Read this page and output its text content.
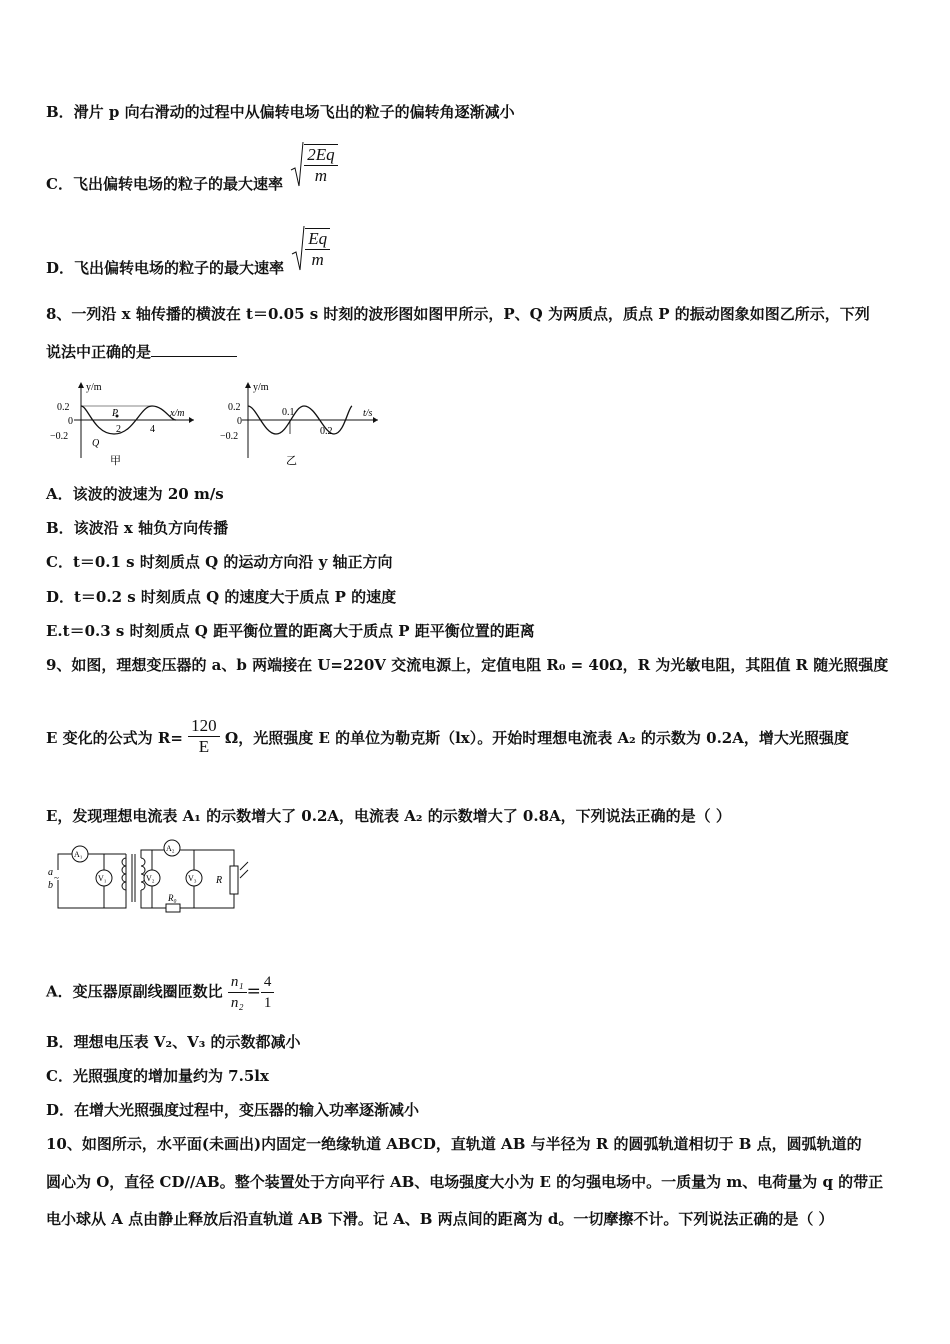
B．滑片 p 向右滑动的过程中从偏转电场飞出的粒子的偏转角逐渐减小
C．飞出偏转电场的粒子的最大速率 $\frac{2Eq}{m}$
D．飞出偏转电场的粒子的最大速率 $\frac{Eq}{m}$
8、一列沿 x 轴传播的横波在 t＝0.05 s 时刻的波形图如图甲所示，P、Q 为两质点，质点 P 的振动图象如图乙所示，下列
说法中正确的是
y/m
x/m
0.2
0
−0.2
2	4
P
Q
甲
y/m
t/s
0.2
0
−0.2
0.1
0.2
乙
A．该波的波速为 20 m/s
B．该波沿 x 轴负方向传播
C．t＝0.1 s 时刻质点 Q 的运动方向沿 y 轴正方向
D．t＝0.2 s 时刻质点 Q 的速度大于质点 P 的速度
E.t＝0.3 s 时刻质点 Q 距平衡位置的距离大于质点 P 距平衡位置的距离
9、如图，理想变压器的 a、b 两端接在 U=220V 交流电源上，定值电阻 R₀ = 40Ω，R 为光敏电阻，其阻值 R 随光照强度
E 变化的公式为 $R= \frac{120}{E}$ Ω，光照强度 E 的单位为勒克斯（lx）。开始时理想电流表 A₂ 的示数为 0.2A，增大光照强度
E，发现理想电流表 A₁ 的示数增大了 0.2A，电流表 A₂ 的示数增大了 0.8A，下列说法正确的是（ ）
a
b
~
A₁
V₁
A₂
V₂	V₃
R₀
R
A．变压器原副线圈匝数比 $\frac{\text{n₁}}{\text{n₂}} = \frac{4}{1}$
B．理想电压表 V₂、V₃ 的示数都减小
C．光照强度的增加量约为 7.5lx
D．在增大光照强度过程中，变压器的输入功率逐渐减小
10、如图所示，水平面(未画出)内固定一绝缘轨道 ABCD，直轨道 AB 与半径为 R 的圆弧轨道相切于 B 点，圆弧轨道的
圆心为 O，直径 CD//AB。整个装置处于方向平行 AB、电场强度大小为 E 的匀强电场中。一质量为 m、电荷量为 q 的带正
电小球从 A 点由静止释放后沿直轨道 AB 下滑。记 A、B 两点间的距离为 d。一切摩擦不计。下列说法正确的是（ ）
